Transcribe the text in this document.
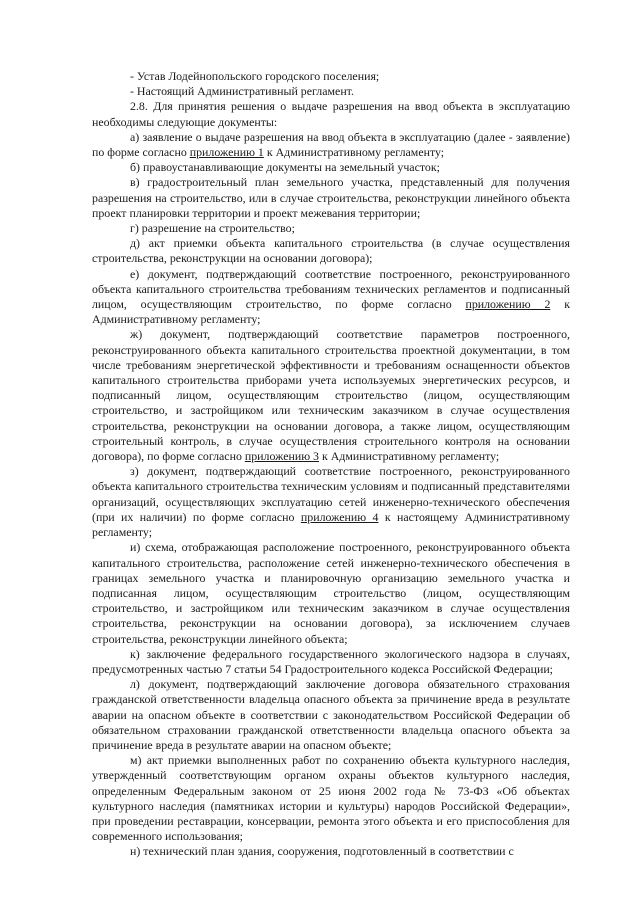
- Устав Лодейнопольского городского поселения;

- Настоящий Административный регламент.

2.8. Для принятия решения о выдаче разрешения на ввод объекта в эксплуатацию необходимы следующие документы:

а) заявление о выдаче разрешения на ввод объекта в эксплуатацию (далее - заявление) по форме согласно приложению 1 к Административному регламенту;

б) правоустанавливающие документы на земельный участок;

в) градостроительный план земельного участка, представленный для получения разрешения на строительство, или в случае строительства, реконструкции линейного объекта проект планировки территории и проект межевания территории;

г) разрешение на строительство;

д) акт приемки объекта капитального строительства (в случае осуществления строительства, реконструкции на основании договора);

е) документ, подтверждающий соответствие построенного, реконструированного объекта капитального строительства требованиям технических регламентов и подписанный лицом, осуществляющим строительство, по форме согласно приложению 2 к Административному регламенту;

ж) документ, подтверждающий соответствие параметров построенного, реконструированного объекта капитального строительства проектной документации, в том числе требованиям энергетической эффективности и требованиям оснащенности объектов капитального строительства приборами учета используемых энергетических ресурсов, и подписанный лицом, осуществляющим строительство (лицом, осуществляющим строительство, и застройщиком или техническим заказчиком в случае осуществления строительства, реконструкции на основании договора, а также лицом, осуществляющим строительный контроль, в случае осуществления строительного контроля на основании договора), по форме согласно приложению 3 к Административному регламенту;

з) документ, подтверждающий соответствие построенного, реконструированного объекта капитального строительства техническим условиям и подписанный представителями организаций, осуществляющих эксплуатацию сетей инженерно-технического обеспечения (при их наличии) по форме согласно приложению 4 к настоящему Административному регламенту;

и) схема, отображающая расположение построенного, реконструированного объекта капитального строительства, расположение сетей инженерно-технического обеспечения в границах земельного участка и планировочную организацию земельного участка и подписанная лицом, осуществляющим строительство (лицом, осуществляющим строительство, и застройщиком или техническим заказчиком в случае осуществления строительства, реконструкции на основании договора), за исключением случаев строительства, реконструкции линейного объекта;

к) заключение федерального государственного экологического надзора в случаях, предусмотренных частью 7 статьи 54 Градостроительного кодекса Российской Федерации;

л) документ, подтверждающий заключение договора обязательного страхования гражданской ответственности владельца опасного объекта за причинение вреда в результате аварии на опасном объекте в соответствии с законодательством Российской Федерации об обязательном страховании гражданской ответственности владельца опасного объекта за причинение вреда в результате аварии на опасном объекте;

м) акт приемки выполненных работ по сохранению объекта культурного наследия, утвержденный соответствующим органом охраны объектов культурного наследия, определенным Федеральным законом от 25 июня 2002 года № 73-ФЗ «Об объектах культурного наследия (памятниках истории и культуры) народов Российской Федерации», при проведении реставрации, консервации, ремонта этого объекта и его приспособления для современного использования;

н) технический план здания, сооружения, подготовленный в соответствии с
